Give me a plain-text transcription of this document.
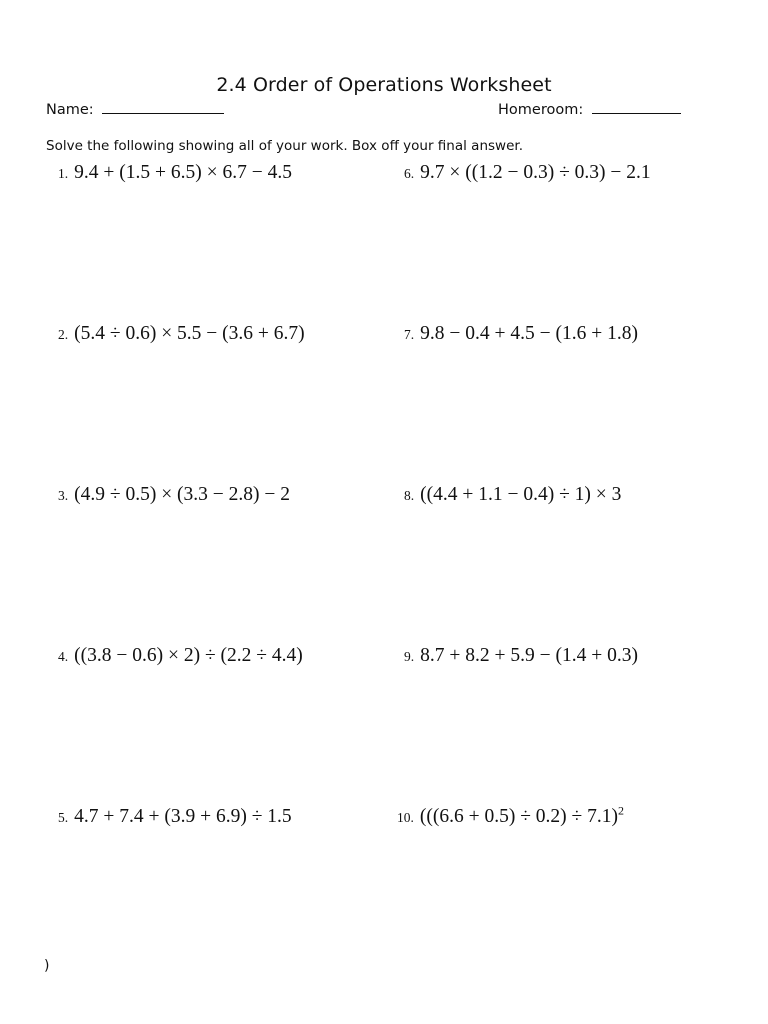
2.4 Order of Operations Worksheet
Name:	Homeroom:
Solve the following showing all of your work. Box off your final answer.
1. 9.4 + (1.5 + 6.5) × 6.7 − 4.5
2. (5.4 ÷ 0.6) × 5.5 − (3.6 + 6.7)
3. (4.9 ÷ 0.5) × (3.3 − 2.8) − 2
4. ((3.8 − 0.6) × 2) ÷ (2.2 ÷ 4.4)
5. 4.7 + 7.4 + (3.9 + 6.9) ÷ 1.5
6. 9.7 × ((1.2 − 0.3) ÷ 0.3) − 2.1
7. 9.8 − 0.4 + 4.5 − (1.6 + 1.8)
8. ((4.4 + 1.1 − 0.4) ÷ 1) × 3
9. 8.7 + 8.2 + 5.9 − (1.4 + 0.3)
10. $(((6.6 + 0.5) \div 0.2) \div 7.1)^2$
)
